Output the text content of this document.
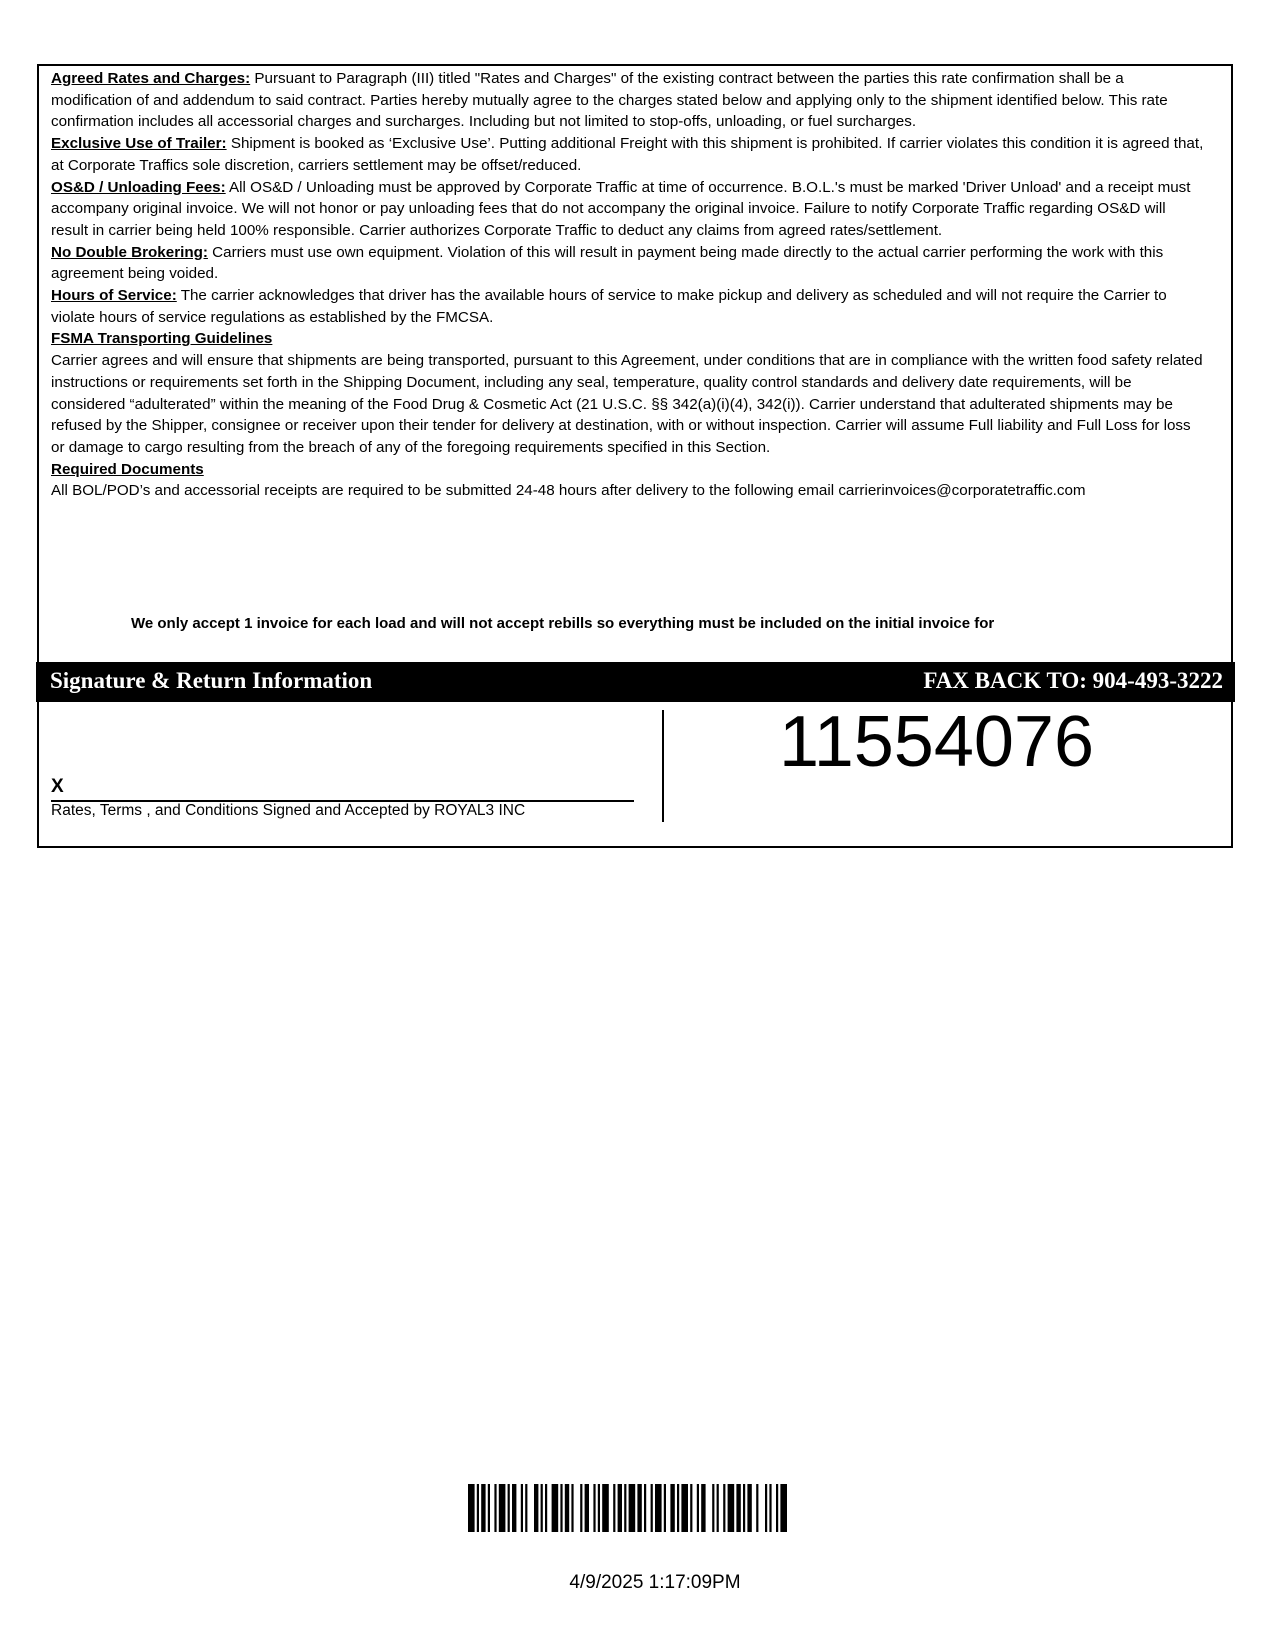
Agreed Rates and Charges: Pursuant to Paragraph (III) titled "Rates and Charges" of the existing contract between the parties this rate confirmation shall be a modification of and addendum to said contract. Parties hereby mutually agree to the charges stated below and applying only to the shipment identified below. This rate confirmation includes all accessorial charges and surcharges. Including but not limited to stop-offs, unloading, or fuel surcharges.

Exclusive Use of Trailer: Shipment is booked as ‘Exclusive Use’. Putting additional Freight with this shipment is prohibited. If carrier violates this condition it is agreed that, at Corporate Traffics sole discretion, carriers settlement may be offset/reduced.

OS&D / Unloading Fees: All OS&D / Unloading must be approved by Corporate Traffic at time of occurrence. B.O.L.'s must be marked 'Driver Unload' and a receipt must accompany original invoice. We will not honor or pay unloading fees that do not accompany the original invoice. Failure to notify Corporate Traffic regarding OS&D will result in carrier being held 100% responsible. Carrier authorizes Corporate Traffic to deduct any claims from agreed rates/settlement.

No Double Brokering: Carriers must use own equipment. Violation of this will result in payment being made directly to the actual carrier performing the work with this agreement being voided.

Hours of Service: The carrier acknowledges that driver has the available hours of service to make pickup and delivery as scheduled and will not require the Carrier to violate hours of service regulations as established by the FMCSA.

FSMA Transporting Guidelines

Carrier agrees and will ensure that shipments are being transported, pursuant to this Agreement, under conditions that are in compliance with the written food safety related instructions or requirements set forth in the Shipping Document, including any seal, temperature, quality control standards and delivery date requirements, will be considered “adulterated” within the meaning of the Food Drug & Cosmetic Act (21 U.S.C. §§ 342(a)(i)(4), 342(i)). Carrier understand that adulterated shipments may be refused by the Shipper, consignee or receiver upon their tender for delivery at destination, with or without inspection. Carrier will assume Full liability and Full Loss for loss or damage to cargo resulting from the breach of any of the foregoing requirements specified in this Section.

Required Documents

All BOL/POD’s and accessorial receipts are required to be submitted 24-48 hours after delivery to the following email carrierinvoices@corporatetraffic.com

We only accept 1 invoice for each load and will not accept rebills so everything must be included on the initial invoice for
Signature & Return Information	FAX BACK TO: 904-493-3222
X
Rates, Terms , and Conditions Signed and Accepted by ROYAL3 INC
11554076
4/9/2025 1:17:09PM
